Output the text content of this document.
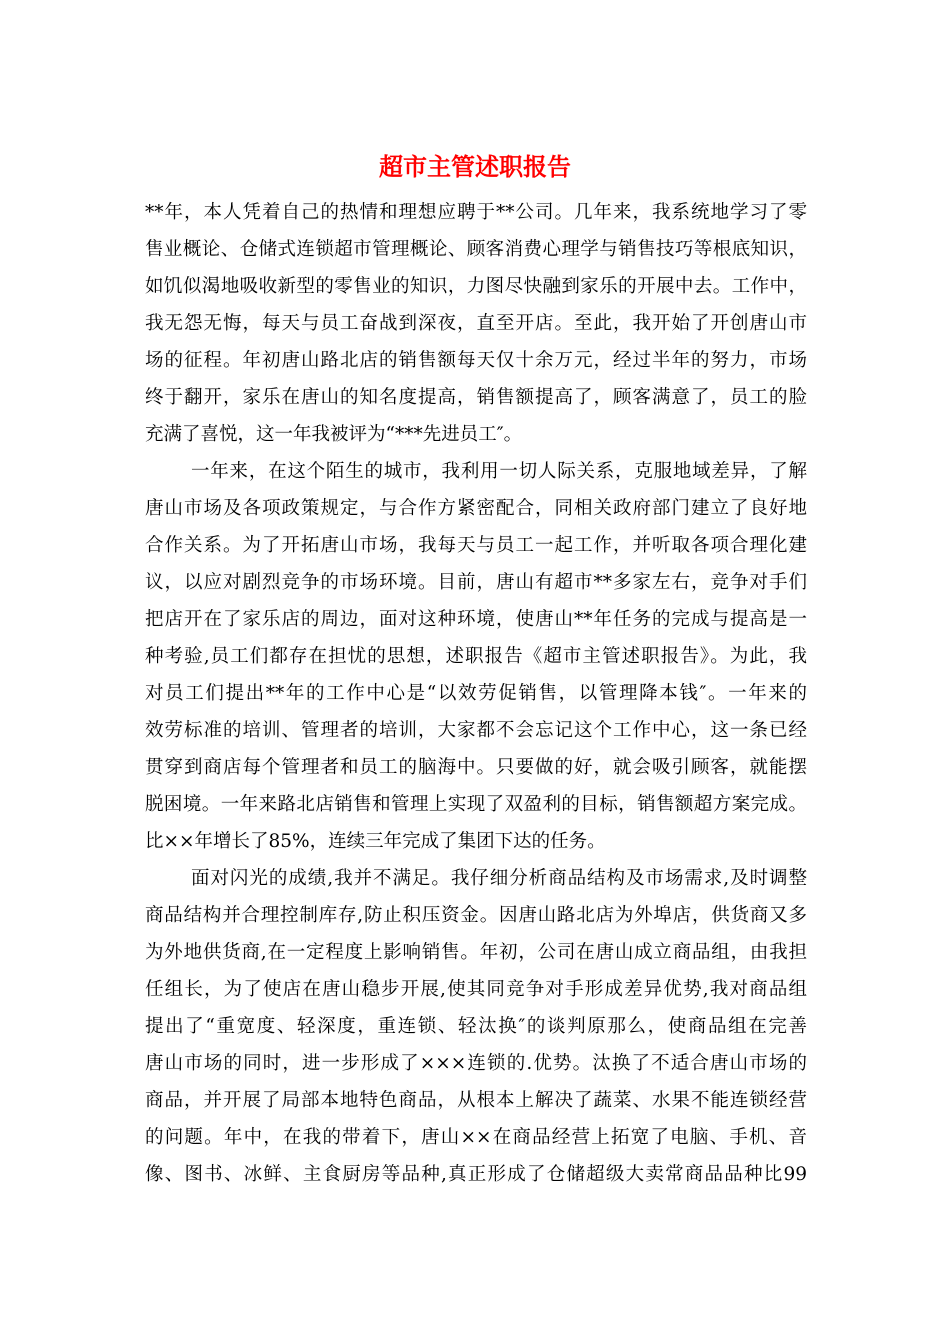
超市主管述职报告
**年，本人凭着自己的热情和理想应聘于**公司。几年来，我系统地学习了零
售业概论、仓储式连锁超市管理概论、顾客消费心理学与销售技巧等根底知识，
如饥似渴地吸收新型的零售业的知识，力图尽快融到家乐的开展中去。工作中，
我无怨无悔，每天与员工奋战到深夜，直至开店。至此，我开始了开创唐山市
场的征程。年初唐山路北店的销售额每天仅十余万元，经过半年的努力，市场
终于翻开，家乐在唐山的知名度提高，销售额提高了，顾客满意了，员工的脸
充满了喜悦，这一年我被评为“***先进员工″。
一年来，在这个陌生的城市，我利用一切人际关系，克服地域差异，了解
唐山市场及各项政策规定，与合作方紧密配合，同相关政府部门建立了良好地
合作关系。为了开拓唐山市场，我每天与员工一起工作，并听取各项合理化建
议，以应对剧烈竞争的市场环境。目前，唐山有超市**多家左右，竞争对手们
把店开在了家乐店的周边，面对这种环境，使唐山**年任务的完成与提高是一
种考验,员工们都存在担忧的思想，述职报告《超市主管述职报告》。为此，我
对员工们提出**年的工作中心是“以效劳促销售，以管理降本钱″。一年来的
效劳标准的培训、管理者的培训，大家都不会忘记这个工作中心，这一条已经
贯穿到商店每个管理者和员工的脑海中。只要做的好，就会吸引顾客，就能摆
脱困境。一年来路北店销售和管理上实现了双盈利的目标，销售额超方案完成。
比××年增长了85%，连续三年完成了集团下达的任务。
面对闪光的成绩,我并不满足。我仔细分析商品结构及市场需求,及时调整
商品结构并合理控制库存,防止积压资金。因唐山路北店为外埠店，供货商又多
为外地供货商,在一定程度上影响销售。年初，公司在唐山成立商品组，由我担
任组长，为了使店在唐山稳步开展,使其同竞争对手形成差异优势,我对商品组
提出了“重宽度、轻深度，重连锁、轻汰换″的谈判原那么，使商品组在完善
唐山市场的同时，进一步形成了×××连锁的.优势。汰换了不适合唐山市场的
商品，并开展了局部本地特色商品，从根本上解决了蔬菜、水果不能连锁经营
的问题。年中，在我的带着下，唐山××在商品经营上拓宽了电脑、手机、音
像、图书、冰鲜、主食厨房等品种,真正形成了仓储超级大卖常商品品种比99
